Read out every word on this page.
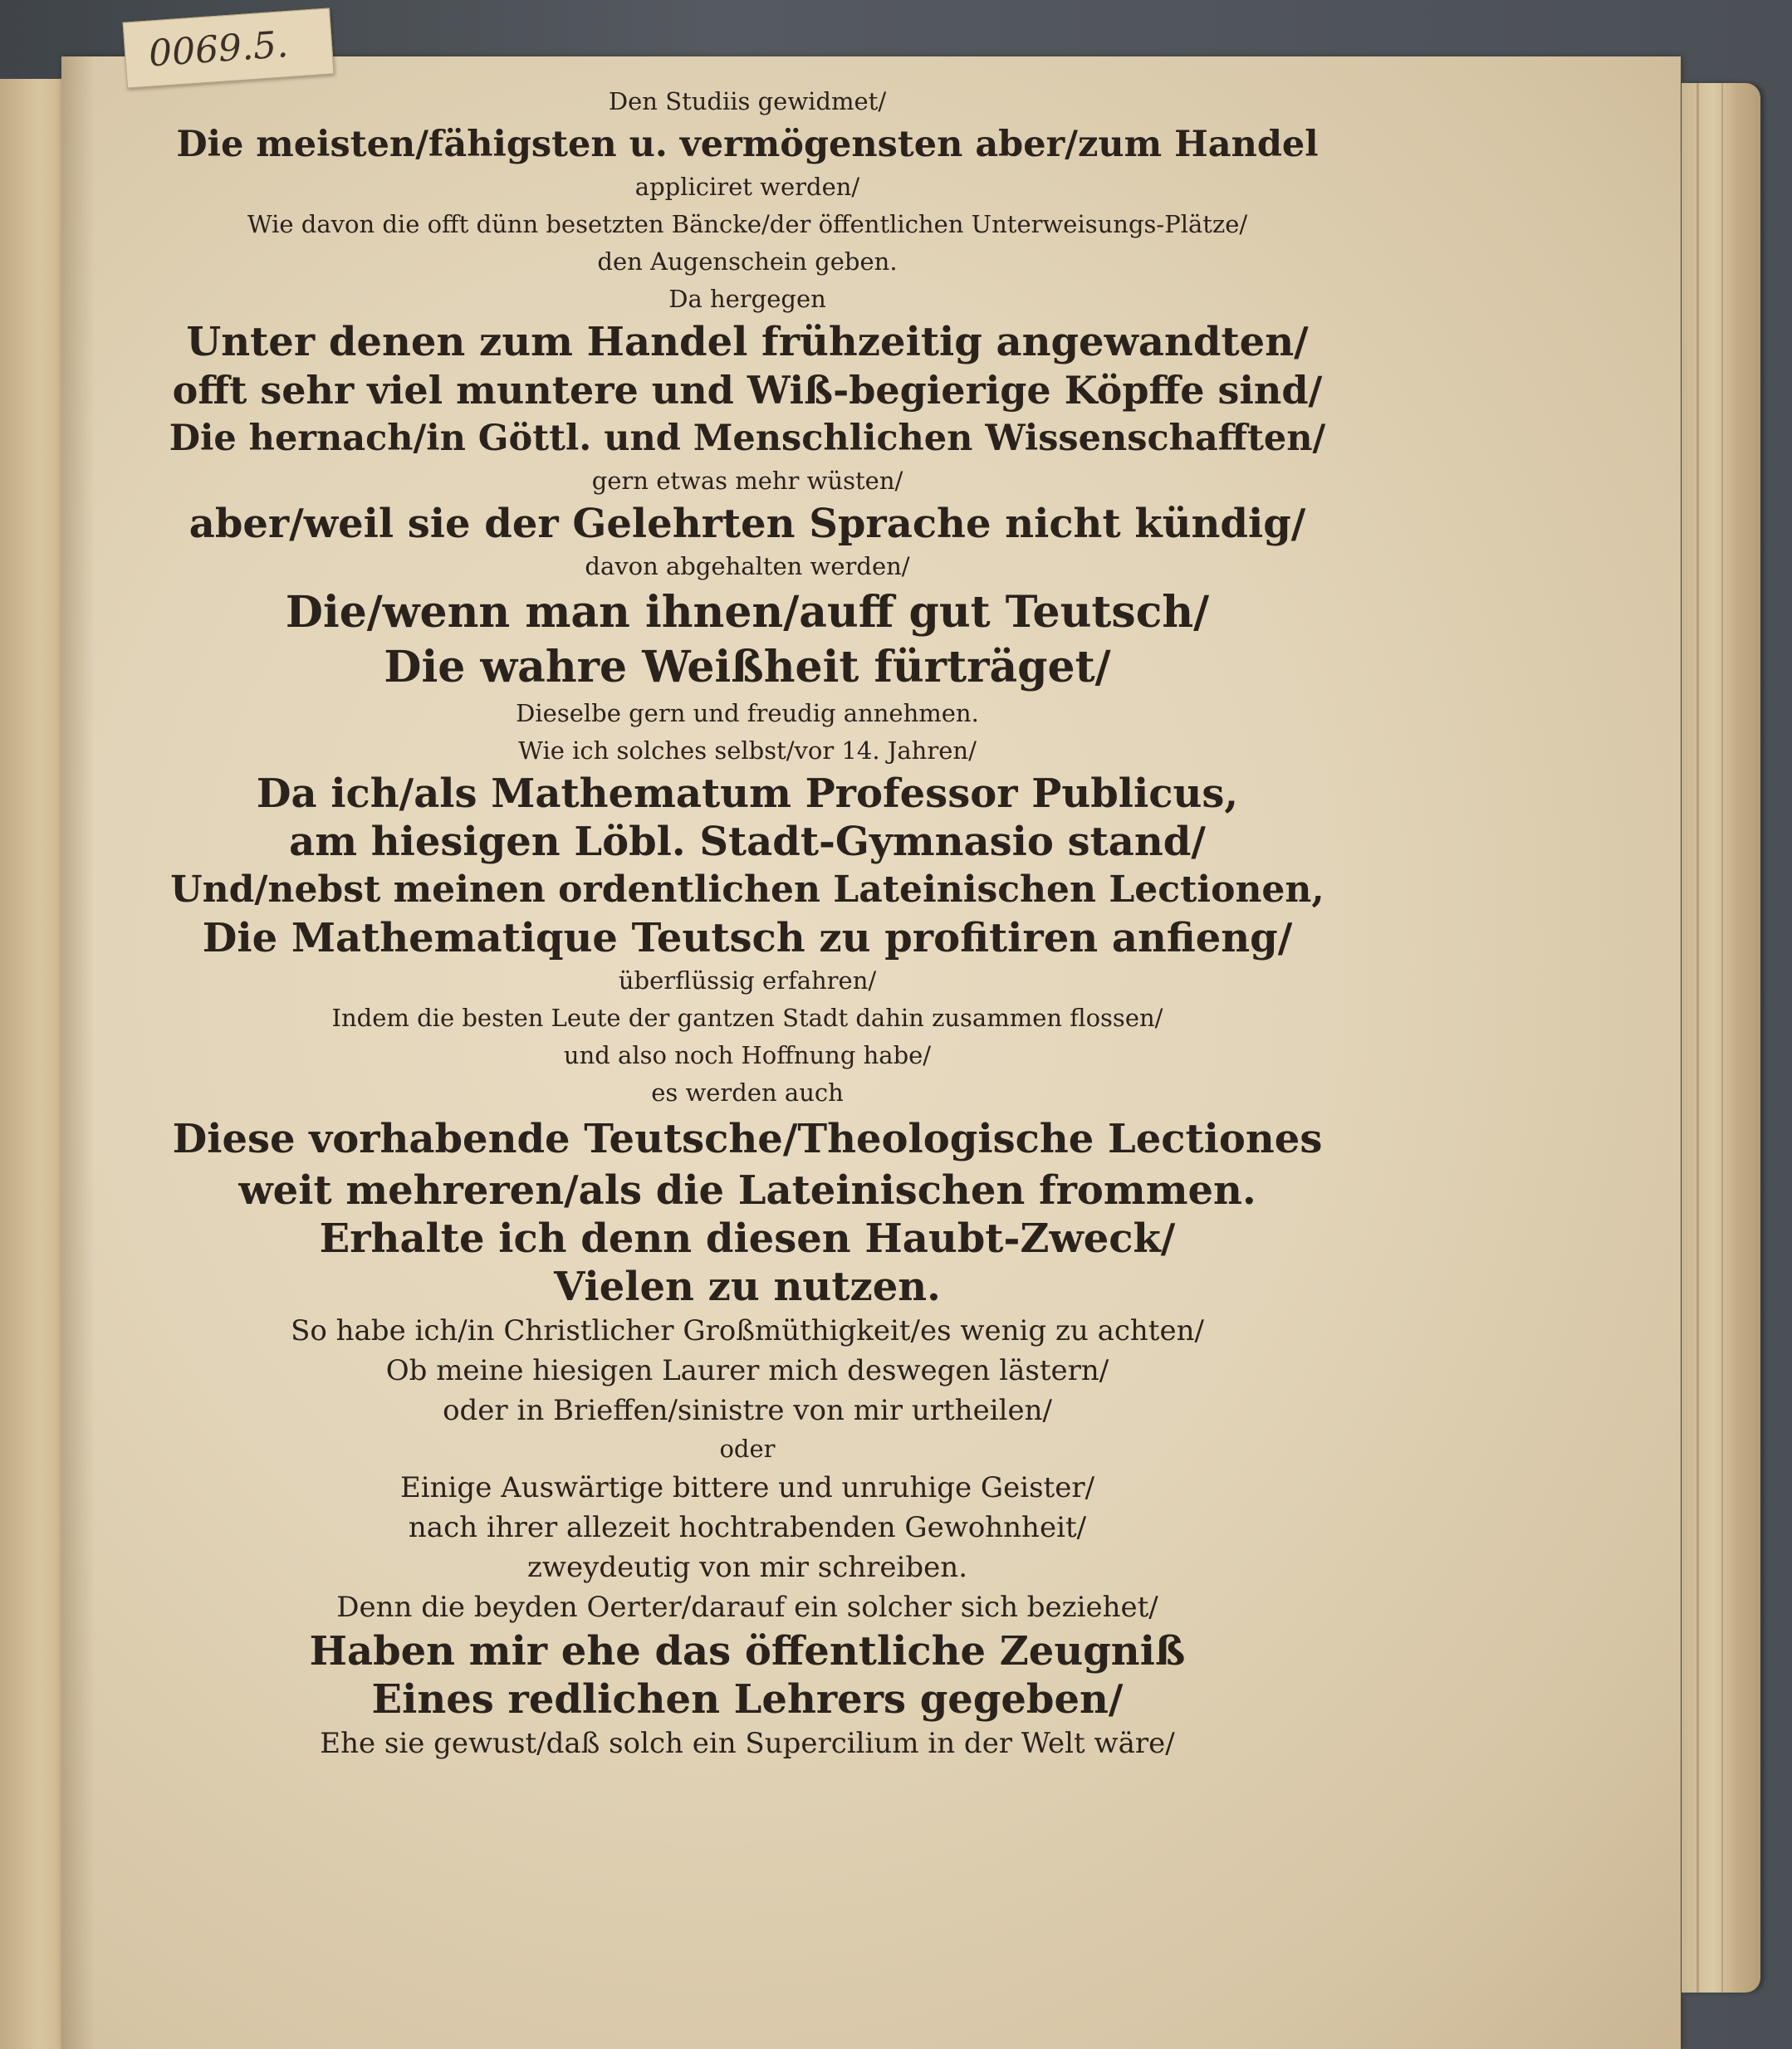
0069.5.
Den Studiis gewidmet/
Die meisten/fähigsten u. vermögensten aber/zum Handel
appliciret werden/
Wie davon die offt dünn besetzten Bäncke/der öffentlichen Unterweisungs-Plätze/
den Augenschein geben.
Da hergegen
Unter denen zum Handel frühzeitig angewandten/
offt sehr viel muntere und Wiß-begierige Köpffe sind/
Die hernach/in Göttl. und Menschlichen Wissenschafften/
gern etwas mehr wüsten/
aber/weil sie der Gelehrten Sprache nicht kündig/
davon abgehalten werden/
Die/wenn man ihnen/auff gut Teutsch/
Die wahre Weißheit fürträget/
Dieselbe gern und freudig annehmen.
Wie ich solches selbst/vor 14. Jahren/
Da ich/als Mathematum Professor Publicus,
am hiesigen Löbl. Stadt-Gymnasio stand/
Und/nebst meinen ordentlichen Lateinischen Lectionen,
Die Mathematique Teutsch zu profitiren anfieng/
überflüssig erfahren/
Indem die besten Leute der gantzen Stadt dahin zusammen flossen/
und also noch Hoffnung habe/
es werden auch
Diese vorhabende Teutsche/Theologische Lectiones
weit mehreren/als die Lateinischen frommen.
Erhalte ich denn diesen Haubt-Zweck/
Vielen zu nutzen.
So habe ich/in Christlicher Großmüthigkeit/es wenig zu achten/
Ob meine hiesigen Laurer mich deswegen lästern/
oder in Brieffen/sinistre von mir urtheilen/
oder
Einige Auswärtige bittere und unruhige Geister/
nach ihrer allezeit hochtrabenden Gewohnheit/
zweydeutig von mir schreiben.
Denn die beyden Oerter/darauf ein solcher sich beziehet/
Haben mir ehe das öffentliche Zeugniß
Eines redlichen Lehrers gegeben/
Ehe sie gewust/daß solch ein Supercilium in der Welt wäre/
